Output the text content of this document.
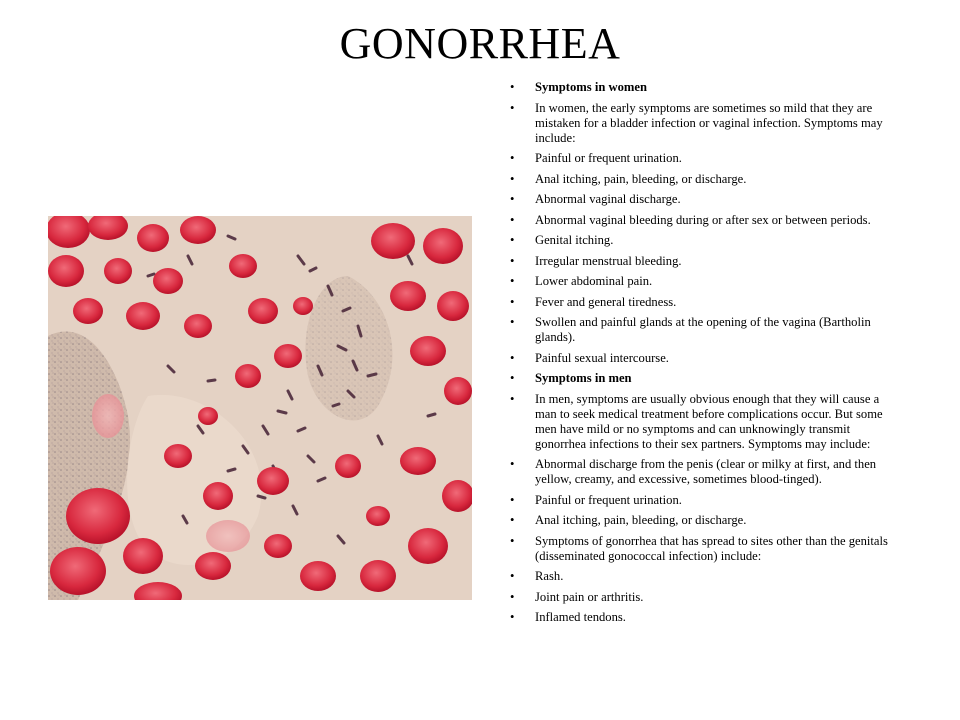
GONORRHEA
• Symptoms in women
• In women, the early symptoms are sometimes so mild that they are mistaken for a bladder infection or vaginal infection. Symptoms may include:
• Painful or frequent urination.
• Anal itching, pain, bleeding, or discharge.
• Abnormal vaginal discharge.
• Abnormal vaginal bleeding during or after sex or between periods.
• Genital itching.
• Irregular menstrual bleeding.
• Lower abdominal pain.
• Fever and general tiredness.
• Swollen and painful glands at the opening of the vagina (Bartholin glands).
• Painful sexual intercourse.
• Symptoms in men
• In men, symptoms are usually obvious enough that they will cause a man to seek medical treatment before complications occur. But some men have mild or no symptoms and can unknowingly transmit gonorrhea infections to their sex partners. Symptoms may include:
• Abnormal discharge from the penis (clear or milky at first, and then yellow, creamy, and excessive, sometimes blood-tinged).
• Painful or frequent urination.
• Anal itching, pain, bleeding, or discharge.
• Symptoms of gonorrhea that has spread to sites other than the genitals (disseminated gonococcal infection) include:
• Rash.
• Joint pain or arthritis.
• Inflamed tendons.
